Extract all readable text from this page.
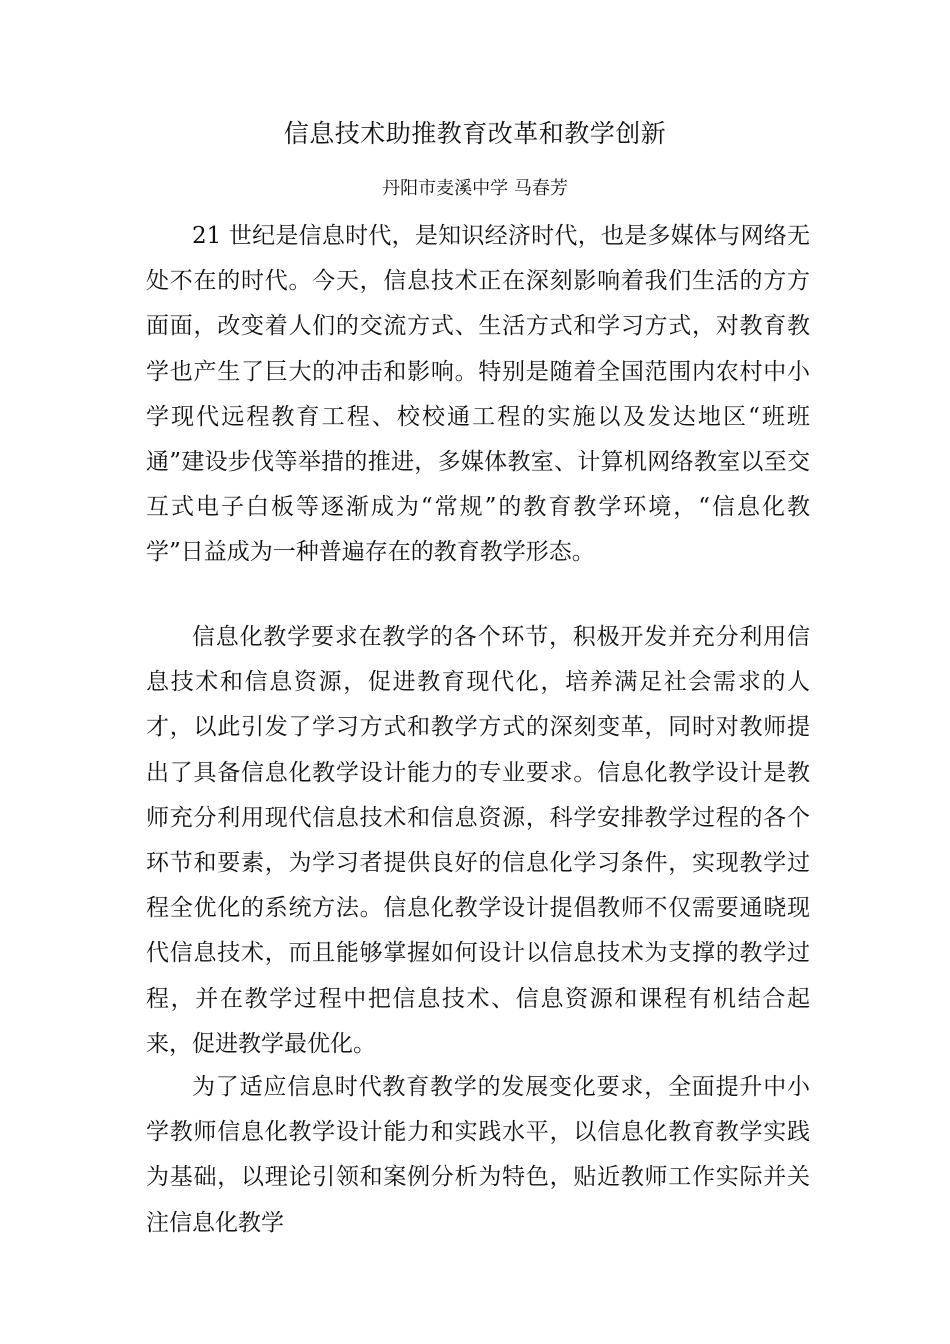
信息技术助推教育改革和教学创新
丹阳市麦溪中学 马春芳

21 世纪是信息时代，是知识经济时代，也是多媒体与网络无处不在的时代。今天，信息技术正在深刻影响着我们生活的方方面面，改变着人们的交流方式、生活方式和学习方式，对教育教学也产生了巨大的冲击和影响。特别是随着全国范围内农村中小学现代远程教育工程、校校通工程的实施以及发达地区“班班通”建设步伐等举措的推进，多媒体教室、计算机网络教室以至交互式电子白板等逐渐成为“常规”的教育教学环境，“信息化教学”日益成为一种普遍存在的教育教学形态。

信息化教学要求在教学的各个环节，积极开发并充分利用信息技术和信息资源，促进教育现代化，培养满足社会需求的人才，以此引发了学习方式和教学方式的深刻变革，同时对教师提出了具备信息化教学设计能力的专业要求。信息化教学设计是教师充分利用现代信息技术和信息资源，科学安排教学过程的各个环节和要素，为学习者提供良好的信息化学习条件，实现教学过程全优化的系统方法。信息化教学设计提倡教师不仅需要通晓现代信息技术，而且能够掌握如何设计以信息技术为支撑的教学过程，并在教学过程中把信息技术、信息资源和课程有机结合起来，促进教学最优化。

为了适应信息时代教育教学的发展变化要求，全面提升中小学教师信息化教学设计能力和实践水平，以信息化教育教学实践为基础，以理论引领和案例分析为特色，贴近教师工作实际并关注信息化教学
